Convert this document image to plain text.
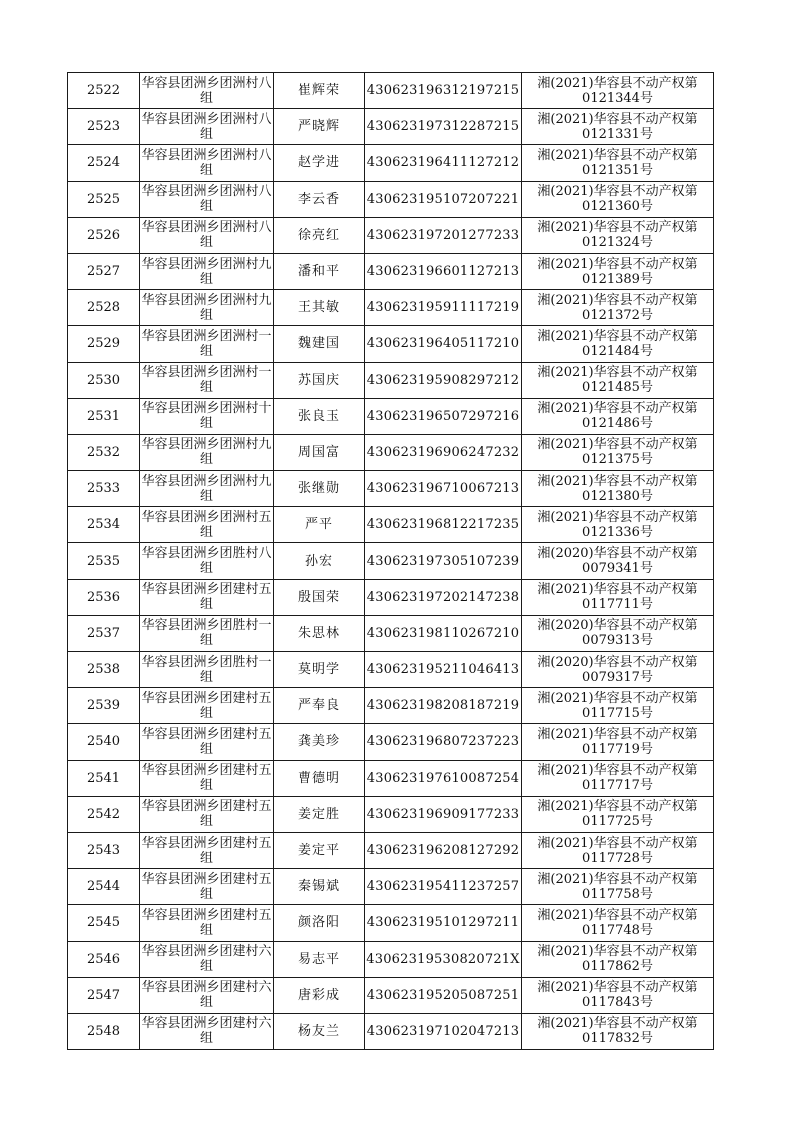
2522	华容县团洲乡团洲村八组	崔辉荣	430623196312197215	湘(2021)华容县不动产权第
0121344号

2523	华容县团洲乡团洲村八组	严晓辉	430623197312287215	湘(2021)华容县不动产权第
0121331号

2524	华容县团洲乡团洲村八组	赵学进	430623196411127212	湘(2021)华容县不动产权第
0121351号

2525	华容县团洲乡团洲村八组	李云香	430623195107207221	湘(2021)华容县不动产权第
0121360号

2526	华容县团洲乡团洲村八组	徐亮红	430623197201277233	湘(2021)华容县不动产权第
0121324号

2527	华容县团洲乡团洲村九组	潘和平	430623196601127213	湘(2021)华容县不动产权第
0121389号

2528	华容县团洲乡团洲村九组	王其敏	430623195911117219	湘(2021)华容县不动产权第
0121372号

2529	华容县团洲乡团洲村一组	魏建国	430623196405117210	湘(2021)华容县不动产权第
0121484号

2530	华容县团洲乡团洲村一组	苏国庆	430623195908297212	湘(2021)华容县不动产权第
0121485号

2531	华容县团洲乡团洲村十组	张良玉	430623196507297216	湘(2021)华容县不动产权第
0121486号

2532	华容县团洲乡团洲村九组	周国富	430623196906247232	湘(2021)华容县不动产权第
0121375号

2533	华容县团洲乡团洲村九组	张继勋	430623196710067213	湘(2021)华容县不动产权第
0121380号

2534	华容县团洲乡团洲村五组	严平	430623196812217235	湘(2021)华容县不动产权第
0121336号

2535	华容县团洲乡团胜村八组	孙宏	430623197305107239	湘(2020)华容县不动产权第
0079341号

2536	华容县团洲乡团建村五组	殷国荣	430623197202147238	湘(2021)华容县不动产权第
0117711号

2537	华容县团洲乡团胜村一组	朱思林	430623198110267210	湘(2020)华容县不动产权第
0079313号

2538	华容县团洲乡团胜村一组	莫明学	430623195211046413	湘(2020)华容县不动产权第
0079317号

2539	华容县团洲乡团建村五组	严奉良	430623198208187219	湘(2021)华容县不动产权第
0117715号

2540	华容县团洲乡团建村五组	龚美珍	430623196807237223	湘(2021)华容县不动产权第
0117719号

2541	华容县团洲乡团建村五组	曹德明	430623197610087254	湘(2021)华容县不动产权第
0117717号

2542	华容县团洲乡团建村五组	姜定胜	430623196909177233	湘(2021)华容县不动产权第
0117725号

2543	华容县团洲乡团建村五组	姜定平	430623196208127292	湘(2021)华容县不动产权第
0117728号

2544	华容县团洲乡团建村五组	秦锡斌	430623195411237257	湘(2021)华容县不动产权第
0117758号

2545	华容县团洲乡团建村五组	颜洛阳	430623195101297211	湘(2021)华容县不动产权第
0117748号

2546	华容县团洲乡团建村六组	易志平	43062319530820721X	湘(2021)华容县不动产权第
0117862号

2547	华容县团洲乡团建村六组	唐彩成	430623195205087251	湘(2021)华容县不动产权第
0117843号

2548	华容县团洲乡团建村六组	杨友兰	430623197102047213	湘(2021)华容县不动产权第
0117832号
